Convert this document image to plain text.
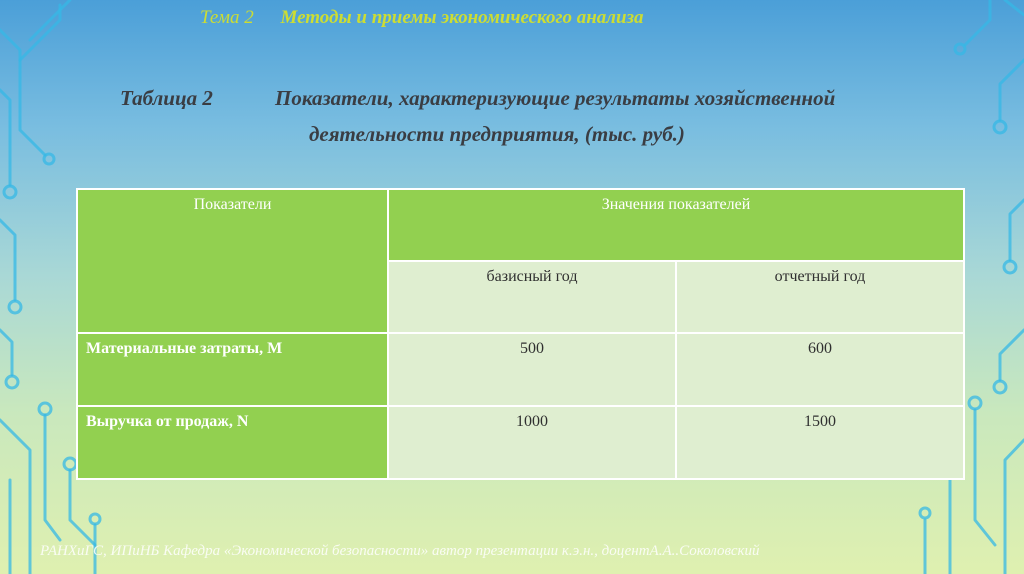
Тема 2 Методы и приемы экономического анализа
Таблица 2	Показатели, характеризующие результаты хозяйственной
деятельности предприятия, (тыс. руб.)
Показатели	Значения показателей	
	базисный год	отчетный год
Материальные затраты, М	500	600
Выручка от продаж, N	1000	1500
РАНХиГС, ИПиНБ Кафедра «Экономической безопасности» автор презентации к.э.н., доцентА.А..Соколовский
